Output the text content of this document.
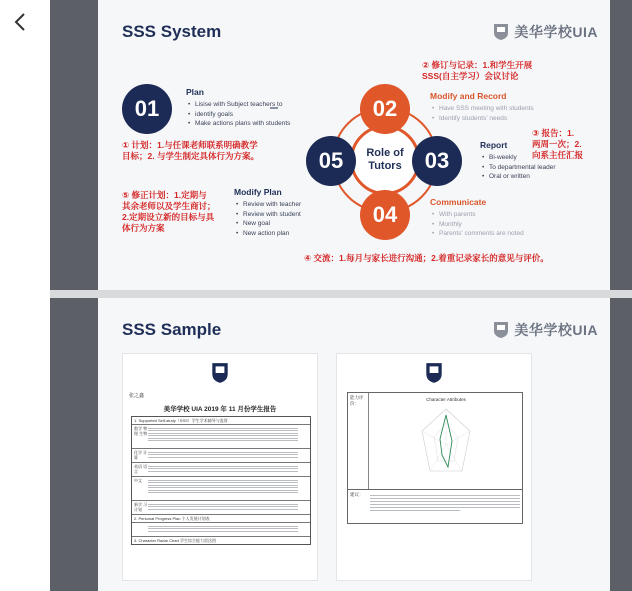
SSS System	美华学校UIA
Role of
Tutors
01
Plan
• Lisise with Subject teachers to
• identify goals
• Make actions plans with students
02	Modify and Record
• Have SSS meeting with students
• Identify students' needs
03
Report
• Bi-weekly
• To departmental leader
• Oral or written
04	Communicate
• With parents
• Monthly
• Parents' comments are noted
05
Modify Plan
• Review with teacher
• Review with student
• New goal
• New action plan
① 计划：1.与任课老师联系明确教学
目标；2. 与学生制定具体行为方案。
② 修订与记录：1.和学生开展
SSS(自主学习）会议讨论
③ 报告：1.
两周一次；2.
向系主任汇报
⑤ 修正计划：1.定期与
其余老师以及学生商讨；
2.定期设立新的目标与具
体行为方案
④ 交流：1.每月与家长进行沟通；2.着重记录家长的意见与评价。
SSS Sample	美华学校UIA
张之鑫
美华学校 UIA 2019 年 11 月份学生报告
1. Supported Self-study（SSS）学生学术辅导与监督
数学 物理 生物
化学 计算
英语 语言
中文
新学 习计划
2. Personal Progress Plan 个人发展计划表
3. Character Radar Chart 学生综合能力雷达图
能力评价：
Character Attributes
建议：
